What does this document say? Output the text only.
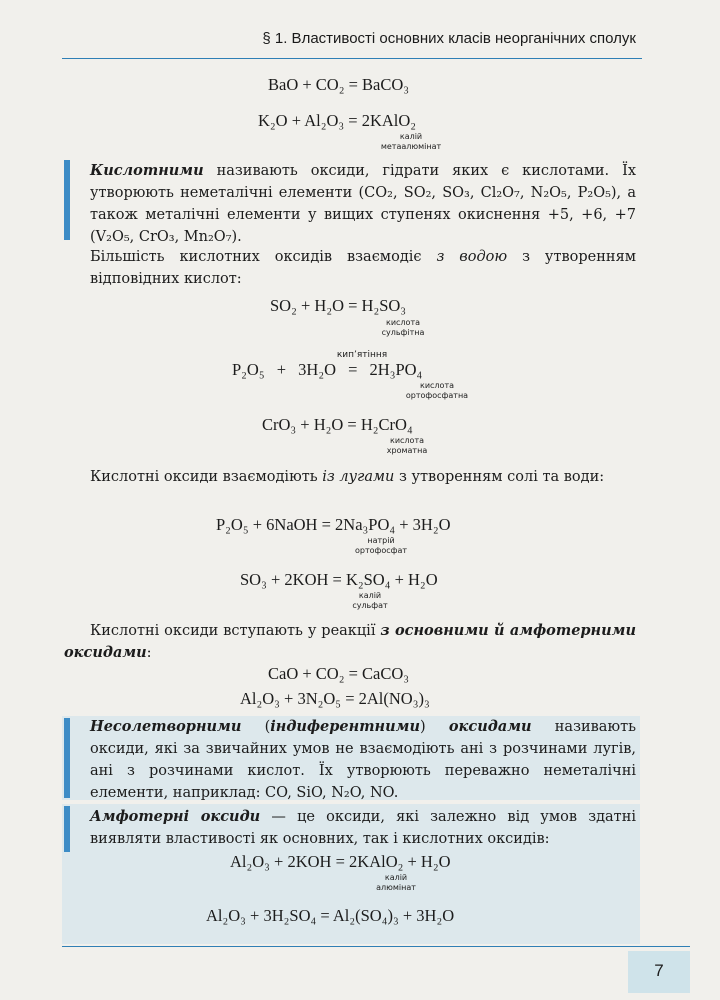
§ 1. Властивості основних класів неорганічних сполук
BaO + CO₂ = BaCO₃
K₂O + Al₂O₃ = 2KAlO₂
калій
метаалюмінат
Кислотними називають оксиди, гідрати яких є кислотами. Їх утворюють неметалічні елементи (CO₂, SO₂, SO₃, Cl₂O₇, N₂O₅, P₂O₅), а також металічні елементи у вищих ступенях окиснення +5, +6, +7 (V₂O₅, CrO₃, Mn₂O₇).
Більшість кислотних оксидів взаємодіє з водою з утворенням відповідних кислот:
SO₂ + H₂O = H₂SO₃
кислота
сульфітна
кип’ятіння
P₂O₅ + 3H₂O = 2H₃PO₄
кислота
ортофосфатна
CrO₃ + H₂O = H₂CrO₄
кислота
хроматна
Кислотні оксиди взаємодіють із лугами з утворенням солі та води:
P₂O₅ + 6NaOH = 2Na₃PO₄ + 3H₂O
натрій
ортофосфат
SO₃ + 2KOH = K₂SO₄ + H₂O
калій
сульфат
Кислотні оксиди вступають у реакції з основними й амфотерними оксидами:
CaO + CO₂ = CaCO₃
Al₂O₃ + 3N₂O₅ = 2Al(NO₃)₃
Несолетворними (індиферентними) оксидами називають оксиди, які за звичайних умов не взаємодіють ані з розчинами лугів, ані з розчинами кислот. Їх утворюють переважно неметалічні елементи, наприклад: CO, SiO, N₂O, NO.
Амфотерні оксиди — це оксиди, які залежно від умов здатні виявляти властивості як основних, так і кислотних оксидів:
Al₂O₃ + 2KOH = 2KAlO₂ + H₂O
калій
алюмінат
Al₂O₃ + 3H₂SO₄ = Al₂(SO₄)₃ + 3H₂O
7
